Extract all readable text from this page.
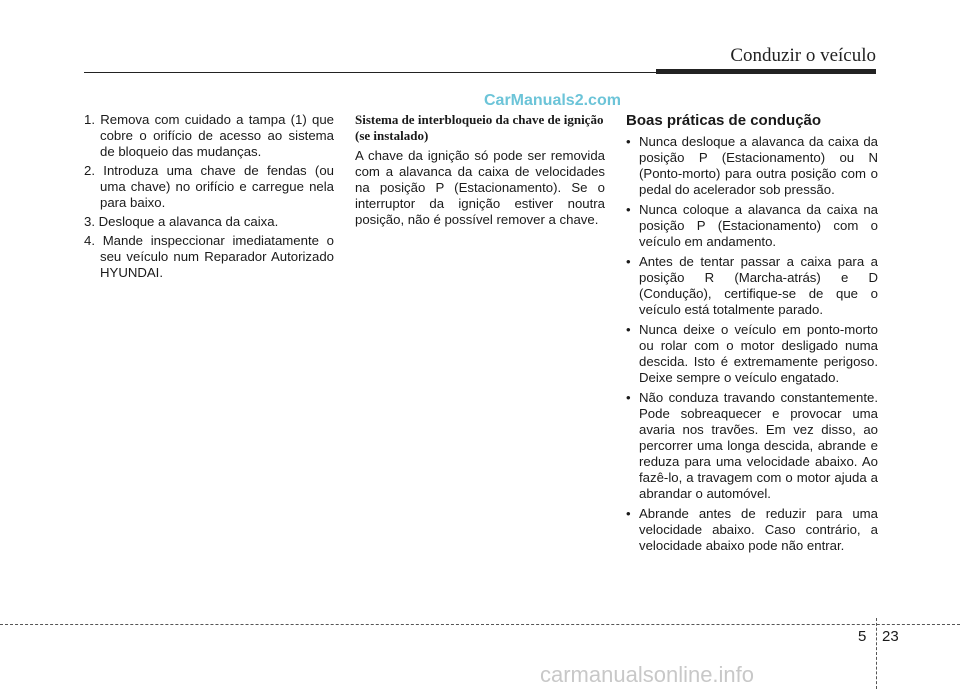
Conduzir o veículo
CarManuals2.com
1. Remova com cuidado a tampa (1) que cobre o orifício de acesso ao sistema de bloqueio das mudanças.
2. Introduza uma chave de fendas (ou uma chave) no orifício e carregue nela para baixo.
3. Desloque a alavanca da caixa.
4. Mande inspeccionar imediatamente o seu veículo num Reparador Autorizado HYUNDAI.
Sistema de interbloqueio da chave de ignição (se instalado)

A chave da ignição só pode ser removida com a alavanca da caixa de velocidades na posição P (Estacionamento). Se o interruptor da ignição estiver noutra posição, não é possível remover a chave.

Boas práticas de condução
• Nunca desloque a alavanca da caixa da posição P (Estacionamento) ou N (Ponto-morto) para outra posição com o pedal do acelerador sob pressão.
• Nunca coloque a alavanca da caixa na posição P (Estacionamento) com o veículo em andamento.
• Antes de tentar passar a caixa para a posição R (Marcha-atrás) e D (Condução), certifique-se de que o veículo está totalmente parado.
• Nunca deixe o veículo em ponto-morto ou rolar com o motor desligado numa descida. Isto é extremamente perigoso. Deixe sempre o veículo engatado.
• Não conduza travando constantemente. Pode sobreaquecer e provocar uma avaria nos travões. Em vez disso, ao percorrer uma longa descida, abrande e reduza para uma velocidade abaixo. Ao fazê-lo, a travagem com o motor ajuda a abrandar o automóvel.
• Abrande antes de reduzir para uma velocidade abaixo. Caso contrário, a velocidade abaixo pode não entrar.
5 23
carmanualsonline.info
